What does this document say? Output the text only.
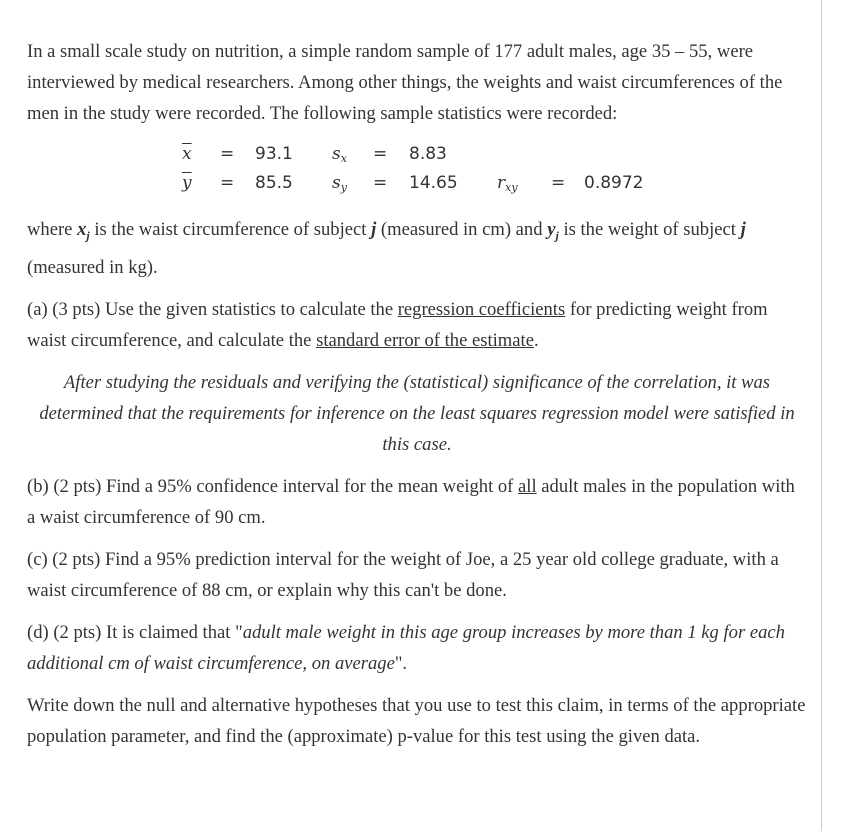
In a small scale study on nutrition, a simple random sample of 177 adult males, age 35 – 55, were interviewed by medical researchers. Among other things, the weights and waist circumferences of the men in the study were recorded. The following sample statistics were recorded:

$\overline{x} = 93.1$ $s_x = 8.83$
$\overline{y} = 85.5$ $s_y = 14.65$ $r_{xy} = 0.8972$

where $x_j$ is the waist circumference of subject j (measured in cm) and $y_j$ is the weight of subject j (measured in kg).

(a) (3 pts) Use the given statistics to calculate the regression coefficients for predicting weight from waist circumference, and calculate the standard error of the estimate.

After studying the residuals and verifying the (statistical) significance of the correlation, it was determined that the requirements for inference on the least squares regression model were satisfied in this case.

(b) (2 pts) Find a 95% confidence interval for the mean weight of all adult males in the population with a waist circumference of 90 cm.

(c) (2 pts) Find a 95% prediction interval for the weight of Joe, a 25 year old college graduate, with a waist circumference of 88 cm, or explain why this can't be done.

(d) (2 pts) It is claimed that "adult male weight in this age group increases by more than 1 kg for each additional cm of waist circumference, on average".

Write down the null and alternative hypotheses that you use to test this claim, in terms of the appropriate population parameter, and find the (approximate) p-value for this test using the given data.
